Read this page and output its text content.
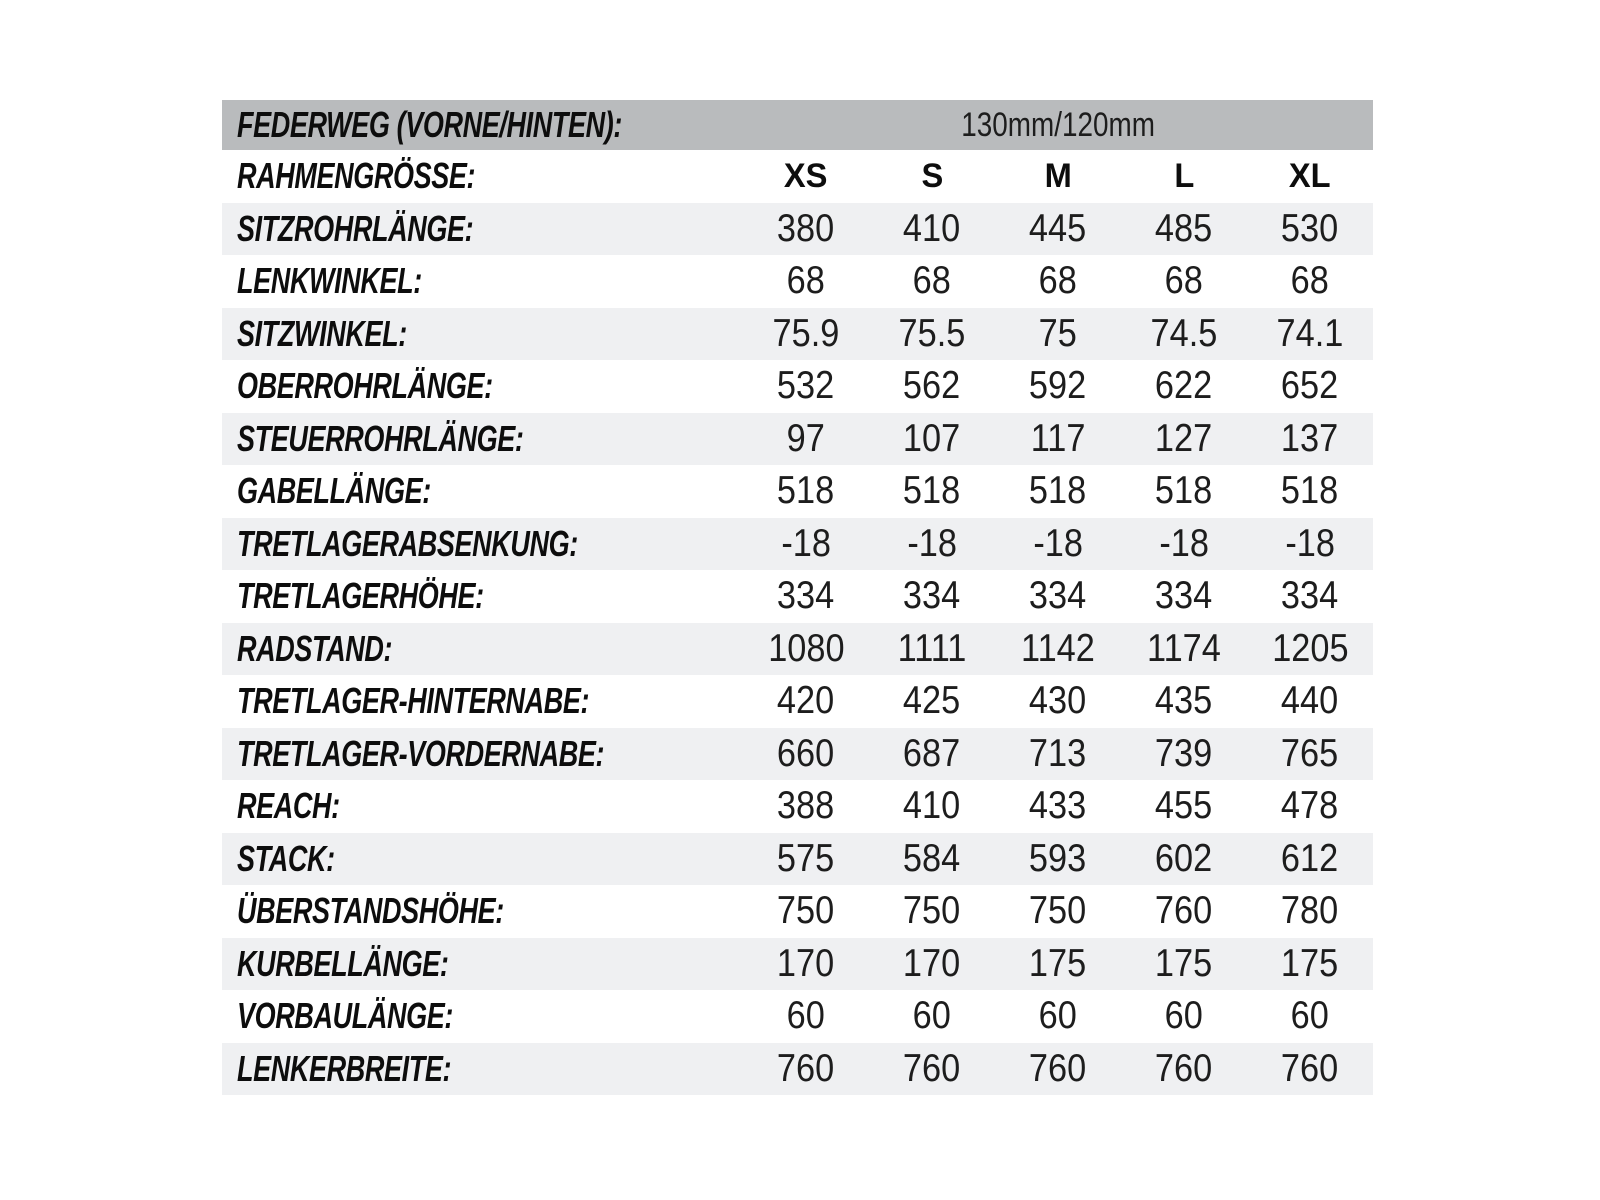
FEDERWEG (VORNE/HINTEN):	130mm/120mm				
RAHMENGRÖSSE:	XS	S	M	L	XL
SITZROHRLÄNGE:	380	410	445	485	530
LENKWINKEL:	68	68	68	68	68
SITZWINKEL:	75.9	75.5	75	74.5	74.1
OBERROHRLÄNGE:	532	562	592	622	652
STEUERROHRLÄNGE:	97	107	117	127	137
GABELLÄNGE:	518	518	518	518	518
TRETLAGERABSENKUNG:	-18	-18	-18	-18	-18
TRETLAGERHÖHE:	334	334	334	334	334
RADSTAND:	1080	1111	1142	1174	1205
TRETLAGER-HINTERNABE:	420	425	430	435	440
TRETLAGER-VORDERNABE:	660	687	713	739	765
REACH:	388	410	433	455	478
STACK:	575	584	593	602	612
ÜBERSTANDSHÖHE:	750	750	750	760	780
KURBELLÄNGE:	170	170	175	175	175
VORBAULÄNGE:	60	60	60	60	60
LENKERBREITE:	760	760	760	760	760
